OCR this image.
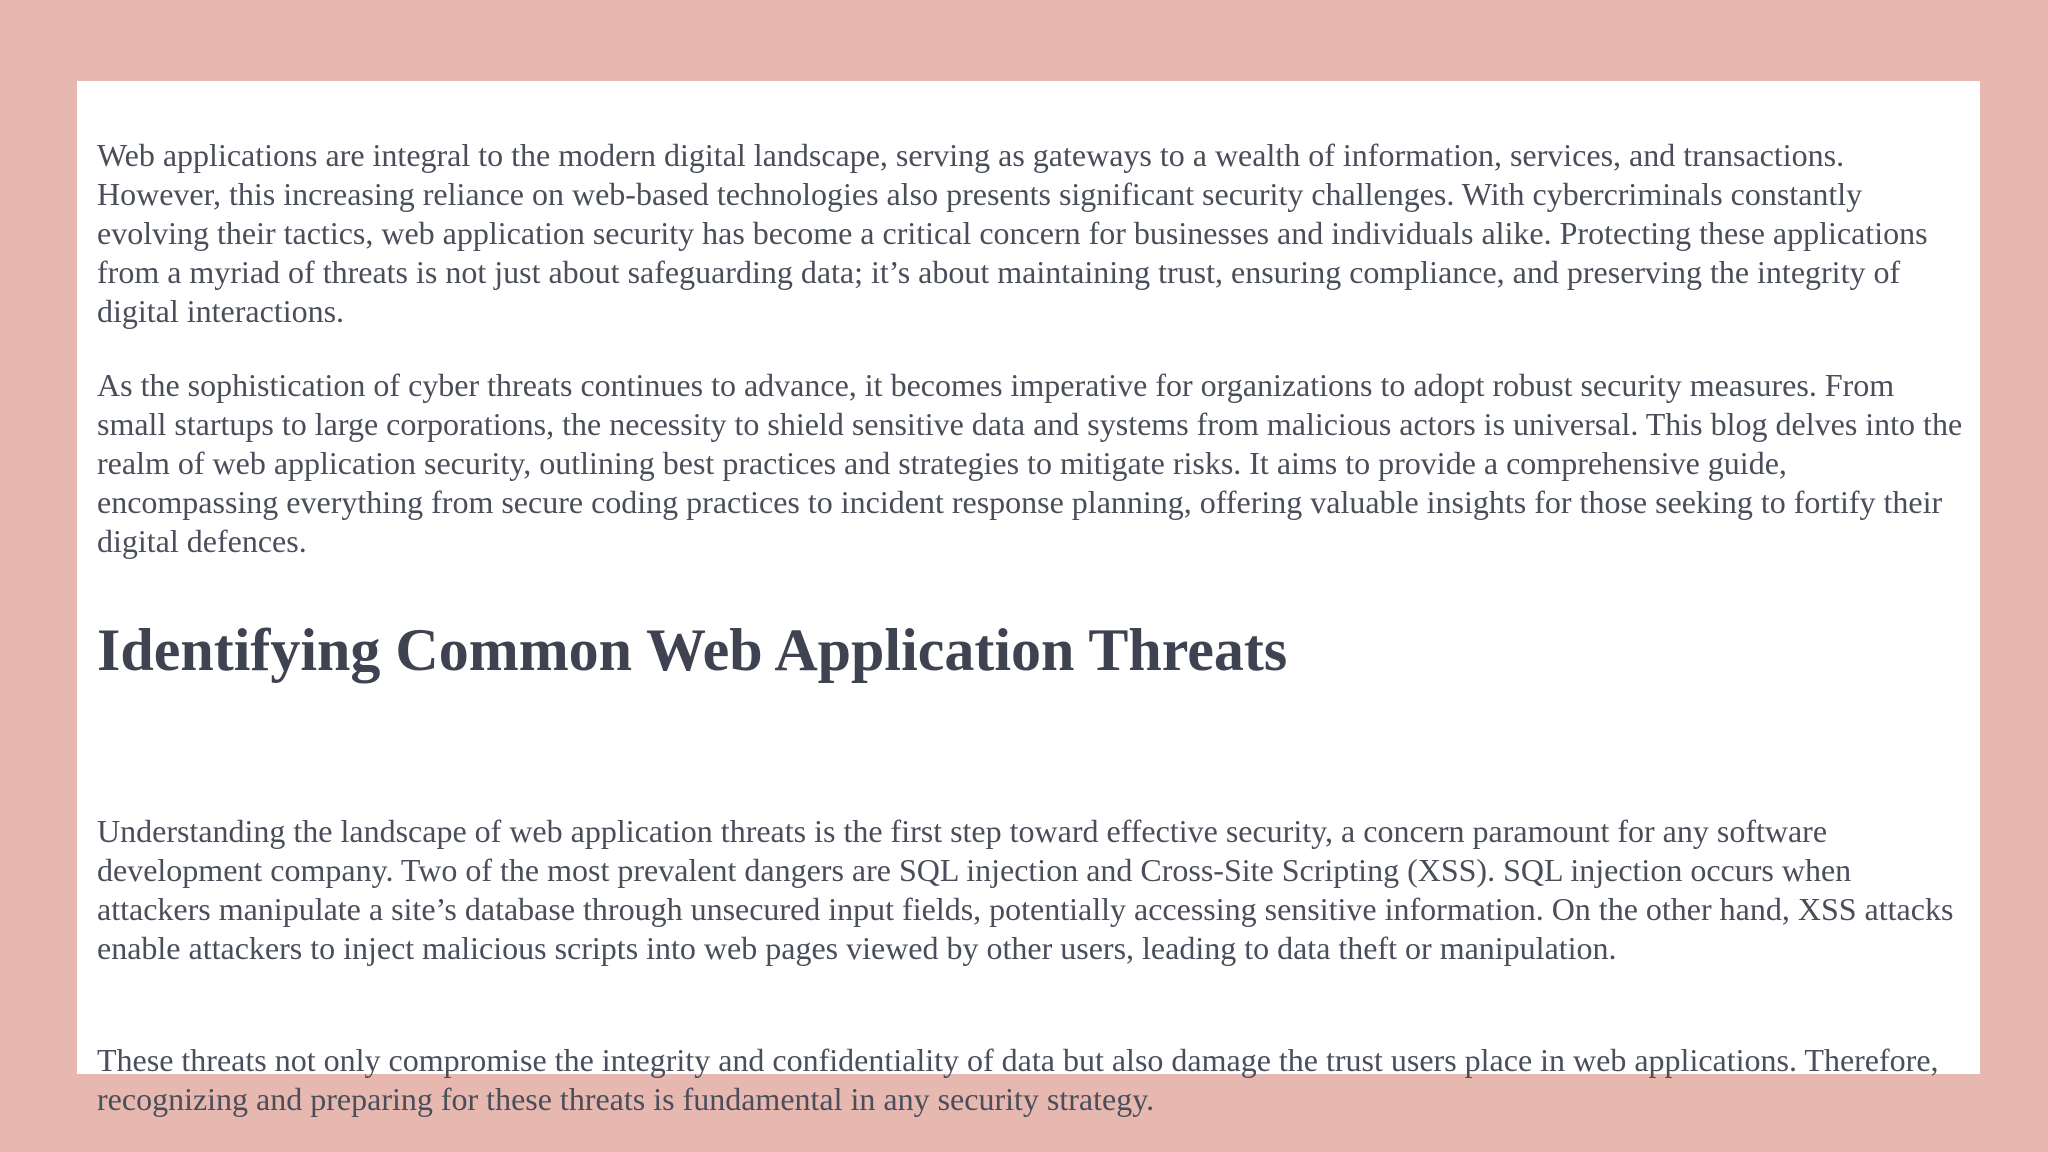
Web applications are integral to the modern digital landscape, serving as gateways to a wealth of information, services, and transactions. However, this increasing reliance on web-based technologies also presents significant security challenges. With cybercriminals constantly evolving their tactics, web application security has become a critical concern for businesses and individuals alike. Protecting these applications from a myriad of threats is not just about safeguarding data; it’s about maintaining trust, ensuring compliance, and preserving the integrity of digital interactions.

As the sophistication of cyber threats continues to advance, it becomes imperative for organizations to adopt robust security measures. From small startups to large corporations, the necessity to shield sensitive data and systems from malicious actors is universal. This blog delves into the realm of web application security, outlining best practices and strategies to mitigate risks. It aims to provide a comprehensive guide, encompassing everything from secure coding practices to incident response planning, offering valuable insights for those seeking to fortify their digital defences.

Identifying Common Web Application Threats

Understanding the landscape of web application threats is the first step toward effective security, a concern paramount for any software development company. Two of the most prevalent dangers are SQL injection and Cross-Site Scripting (XSS). SQL injection occurs when attackers manipulate a site’s database through unsecured input fields, potentially accessing sensitive information. On the other hand, XSS attacks enable attackers to inject malicious scripts into web pages viewed by other users, leading to data theft or manipulation.

These threats not only compromise the integrity and confidentiality of data but also damage the trust users place in web applications. Therefore, recognizing and preparing for these threats is fundamental in any security strategy.
